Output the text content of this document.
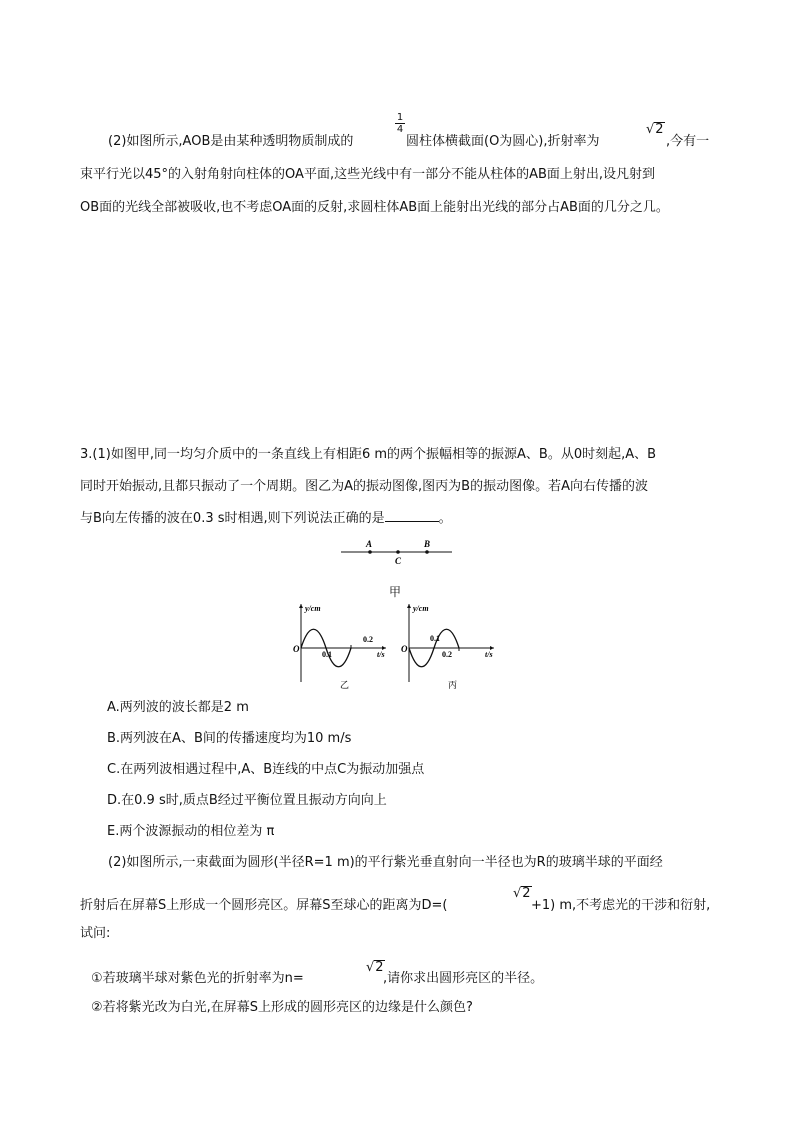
(2)如图所示,AOB是由某种透明物质制成的
$\frac{1}{4}$
圆柱体横截面(O为圆心),折射率为
√2
,今有一
束平行光以45°的入射角射向柱体的OA平面,这些光线中有一部分不能从柱体的AB面上射出,设凡射到
OB面的光线全部被吸收,也不考虑OA面的反射,求圆柱体AB面上能射出光线的部分占AB面的几分之几。
3.(1)如图甲,同一均匀介质中的一条直线上有相距6 m的两个振幅相等的振源A、B。从0时刻起,A、B
同时开始振动,且都只振动了一个周期。图乙为A的振动图像,图丙为B的振动图像。若A向右传播的波
与B向左传播的波在0.3 s时相遇,则下列说法正确的是	。
A
C
B
甲
y/cm
O
0.1
0.2
t/s
乙
y/cm
O
0.1
0.2	t/s
丙
A.两列波的波长都是2 m
B.两列波在A、B间的传播速度均为10 m/s
C.在两列波相遇过程中,A、B连线的中点C为振动加强点
D.在0.9 s时,质点B经过平衡位置且振动方向向上
E.两个波源振动的相位差为 π
(2)如图所示,一束截面为圆形(半径R=1 m)的平行紫光垂直射向一半径也为R的玻璃半球的平面经
折射后在屏幕S上形成一个圆形亮区。屏幕S至球心的距离为D=(
√2
+1) m,不考虑光的干涉和衍射,
试问:
①若玻璃半球对紫色光的折射率为n=
√2
,请你求出圆形亮区的半径。
②若将紫光改为白光,在屏幕S上形成的圆形亮区的边缘是什么颜色?
